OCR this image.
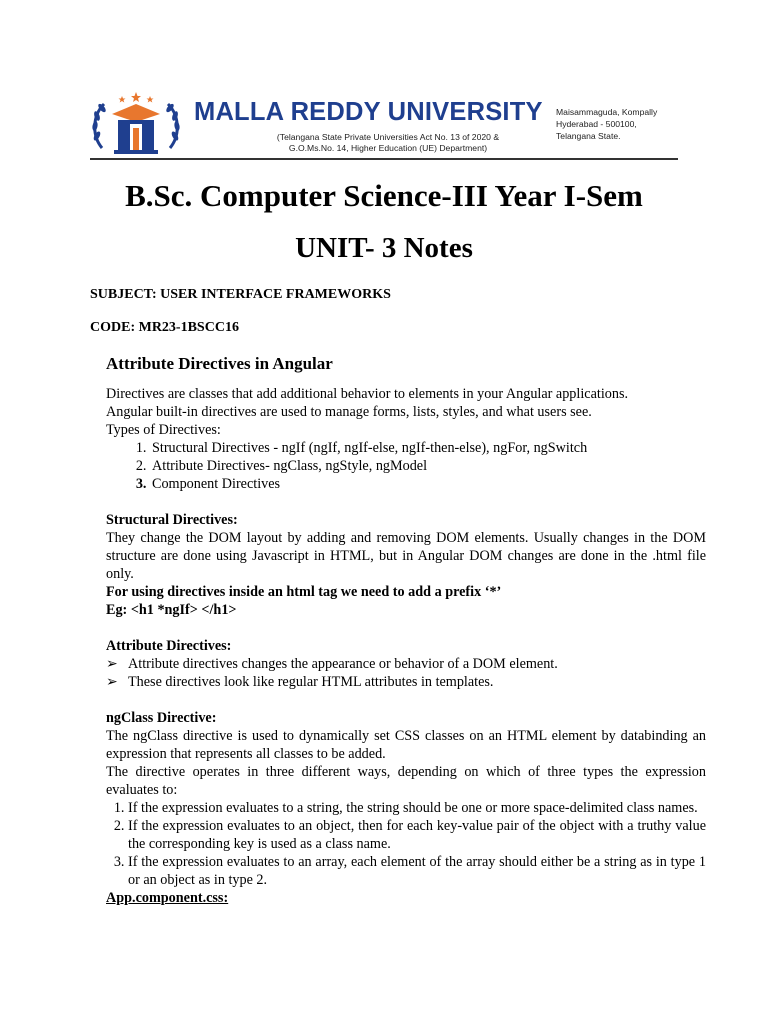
MALLA REDDY UNIVERSITY
(Telangana State Private Universities Act No. 13 of 2020 &
G.O.Ms.No. 14, Higher Education (UE) Department)
Maisammaguda, Kompally
Hyderabad - 500100,
Telangana State.
B.Sc. Computer Science-III Year I-Sem
UNIT- 3 Notes
SUBJECT: USER INTERFACE FRAMEWORKS
CODE: MR23-1BSCC16
Attribute Directives in Angular

Directives are classes that add additional behavior to elements in your Angular applications.

Angular built-in directives are used to manage forms, lists, styles, and what users see.

Types of Directives:

1. Structural Directives - ngIf (ngIf, ngIf-else, ngIf-then-else), ngFor, ngSwitch
2. Attribute Directives- ngClass, ngStyle, ngModel
3. Component Directives

Structural Directives:

They change the DOM layout by adding and removing DOM elements. Usually changes in the DOM structure are done using Javascript in HTML, but in Angular DOM changes are done in the .html file only.

For using directives inside an html tag we need to add a prefix ‘*’

Eg: <h1 *ngIf> </h1>

Attribute Directives:

➢ Attribute directives changes the appearance or behavior of a DOM element.
➢ These directives look like regular HTML attributes in templates.

ngClass Directive:

The ngClass directive is used to dynamically set CSS classes on an HTML element by databinding an expression that represents all classes to be added.

The directive operates in three different ways, depending on which of three types the expression evaluates to:

1. If the expression evaluates to a string, the string should be one or more space-delimited class names.
2. If the expression evaluates to an object, then for each key-value pair of the object with a truthy value the corresponding key is used as a class name.
3. If the expression evaluates to an array, each element of the array should either be a string as in type 1 or an object as in type 2.

App.component.css:
